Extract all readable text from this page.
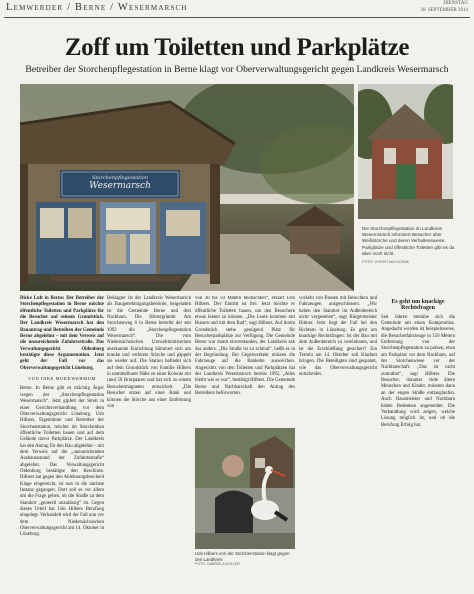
Lemwerder / Berne / Wesermarsch	DIENSTAG
30. SEPTEMBER 2014
Zoff um Toiletten und Parkplätze
Betreiber der Storchenpflegestation in Berne klagt vor Oberverwaltungsgericht gegen Landkreis Wesermarsch
Wesermarsch
Storchenpflegestation
Die Storchenpflegestation im Landkreis Wesermarsch informiert Besucher über Weißstörche und deren Verhaltensweise. Parkplätze und öffentliche Toiletten gibt es da aber noch nicht.
FOTO: CHRISTIAN KOSAK

Dicke Luft in Berne: Der Betreiber der Storchenpflegestation in Berne möchte öffentliche Toiletten und Parkplätze für die Besucher auf seinem Grundstück. Der Landkreis Wesermarsch hat den Bauantrag und Betreiben der Gemeinde Berne abgelehnt – mit dem Verweis auf die unzureichende Zufahrtsstraße. Das Verwaltungsgericht Oldenburg bestätigte diese Argumentation. Jetzt geht der Fall vor das Oberverwaltungsgericht Lüneburg.

VON INKE MOKKWEHMUM

Berne. In Berne gibt es mächtig Ärger wegen der „Storchenpflegestation Wesermarsch“. Jetzt gipfelt der Streit in einer Gerichtsverhandlung vor dem Oberverwaltungsgericht Lüneburg. Udo Hilbers, Eigentümer und Betreiber der Storchenstation, möchte im Storchenbau öffentliche Toiletten bauen und auf dem Gelände davor Parkplätze. Der Landkreis hat den Antrag für den Bau abgelehnt – mit dem Verweis auf die „unzureichenden Ausbauzustand der Zufahrtsstraße“ abgelehnt. Das Verwaltungsgericht Oldenburg bestätigte den Beschluss. Hilbers hat gegen den Ablehnungsbescheid Klage eingereicht, ist nun in die nächste Instanz gegangen. Dort soll es vor allem um die Frage gehen, ob die Straße zu dem Standort „generell unzulässig“ ist. Gegen dieses Urteil hat Udo Hilbers Berufung eingelegt. Verhandelt wird der Fall nun vor dem Niedersächsischen Oberverwaltungsgericht am 14. Oktober in Lüneburg.

Beklagter ist der Landkreis Wesermarsch als Baugenehmigungsbehörde, beigeladen ist die Gemeinde Berne und drei Nachbarn. Die Hintergründe: Am Storchenweg 6 in Berne betreibt der seit 1992 die „Storchenpflegestation Wesermarsch“. Die vom Niedersächsischen Umweltministerium anerkannte Einrichtung kümmert sich um kranke und verletzte Störche und päppelt sie wieder auf. Die Station befindet sich auf dem Grundstück von Familie Hilbers in unmittelbarer Nähe zu einer Kolonie mit rund 50 Brutpaaren und hat sich zu einem Besuchermagneten entwickelt. „Die Besucher sitzen auf einer Bank und können die Störche aus einer Entfernung von

von 30 bis 50 Metern beobachten“, erklärt Udo Hilbers. Der Eintritt ist frei. Jetzt möchte er öffentliche Toiletten bauen, um den Besuchern etwas bieten zu können. „Die Leute kommen mit Bussen und mit dem Rad“, sagt Hilbers. Auf ihrem Grundstück stehe genügend Platz für Besucherparkplätze zur Verfügung. Die Gemeinde Berne war damit einverstanden, der Landkreis sah das anders. „Die Straße ist zu schmal“, heißt es in der Begründung. Bei Gegenverkehr müssen die Fahrzeuge auf die Bankette ausweichen. Angesichts von den Toiletten und Parkplätzen hat der Landkreis Wesermarsch bereits 1992, „Alles bleibt wie es war“, bestätigt Hilbers. Die Gemeinde Berne und Nachbarschaft den Antrag des Betreibers befürworten.

Udo Hilbers von der Storchenstation klagt gegen den Landkreis
FOTO: GABRIELA KÖLLER

vorkehr von Bussen mit Besuchern und Fahrzeugen ausgeschlossen. „Wir haben den Standort im Außenbereich nicht vorgesehen“, sagt Bürgermeister Bittner. Jetzt liegt der Fall bei den Richtern in Lüneburg. Es geht um knackige Rechtsfragen: Ist der Bau mit dem Außenbereich zu vereinbaren, und ist die Erschließung gesichert? Ein Termin am 14. Oktober soll Klarheit bringen. Die Beteiligten sind gespannt, wie das Oberverwaltungsgericht entscheidet.

Es geht um knackige Rechtsfragen

Seit Jahren bemühe sich die Gemeinde um einen Kompromiss. Angedacht worden ist beispielsweise, die Besucherfahrzeuge in 150 Metern Entfernung von der Storchenpflegestation zu parken, etwa am Parkplatz vor dem Nachbarn, auf der Storchenwiese vor der Nachbarschaft. „Das ist nicht zumutbar“, sagt Hilbers. Die Besucher, darunter viele ältere Menschen und Kinder, müssten dann an der engen Straße entlanglaufen. Auch Hausmeister und Nachbarn haben Bedenken angemeldet. Die Verhandlung wird zeigen, welche Lösung möglich ist, und ob die Berufung Erfolg hat.
